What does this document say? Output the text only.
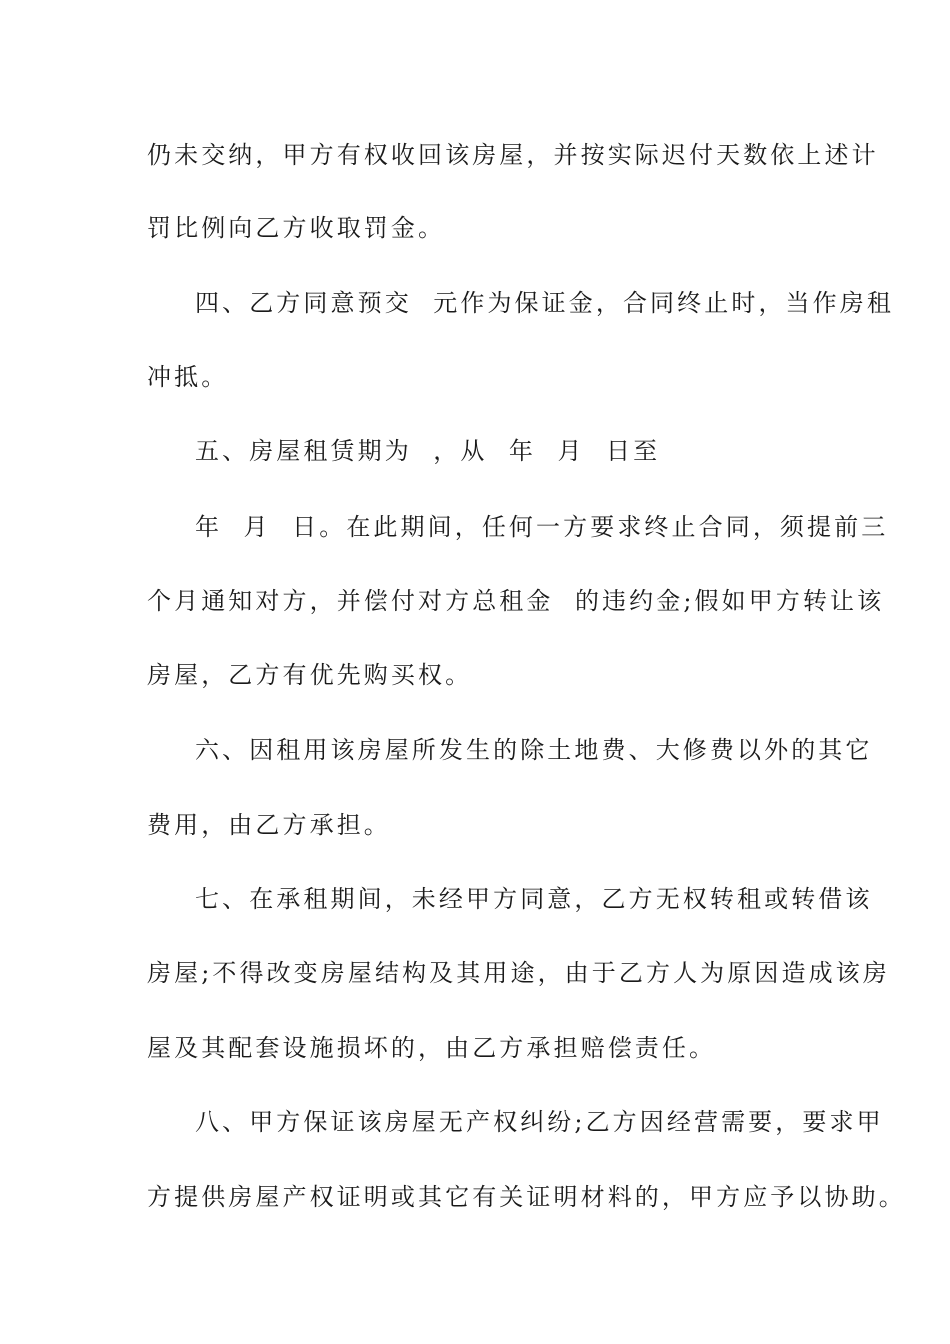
仍未交纳，甲方有权收回该房屋，并按实际迟付天数依上述计
罚比例向乙方收取罚金。
四、乙方同意预交  元作为保证金，合同终止时，当作房租
冲抵。
五、房屋租赁期为  ，从  年  月  日至
年  月  日。在此期间，任何一方要求终止合同，须提前三
个月通知对方，并偿付对方总租金  的违约金;假如甲方转让该
房屋，乙方有优先购买权。
六、因租用该房屋所发生的除土地费、大修费以外的其它
费用，由乙方承担。
七、在承租期间，未经甲方同意，乙方无权转租或转借该
房屋;不得改变房屋结构及其用途，由于乙方人为原因造成该房
屋及其配套设施损坏的，由乙方承担赔偿责任。
八、甲方保证该房屋无产权纠纷;乙方因经营需要，要求甲
方提供房屋产权证明或其它有关证明材料的，甲方应予以协助。
